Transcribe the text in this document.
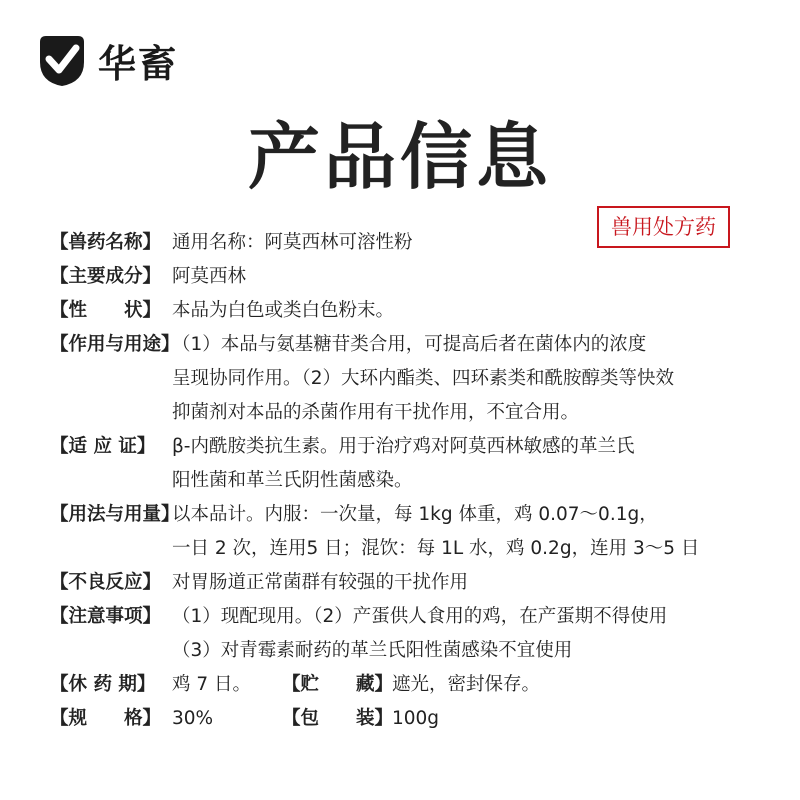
华畜
产品信息
兽用处方药
【兽药名称】 通用名称：阿莫西林可溶性粉
【主要成分】 阿莫西林
【性　　状】 本品为白色或类白色粉末。
【作用与用途】
（1）本品与氨基糖苷类合用，可提高后者在菌体内的浓度
呈现协同作用。（2）大环内酯类、四环素类和酰胺醇类等快效
抑菌剂对本品的杀菌作用有干扰作用，不宜合用。
【适 应 证】 β-内酰胺类抗生素。用于治疗鸡对阿莫西林敏感的革兰氏
阳性菌和革兰氏阴性菌感染。
【用法与用量】
以本品计。内服：一次量，每 1kg 体重，鸡 0.07～0.1g，
一日 2 次，连用5 日；混饮：每 1L 水，鸡 0.2g，连用 3～5 日
【不良反应】 对胃肠道正常菌群有较强的干扰作用
【注意事项】 （1）现配现用。（2）产蛋供人食用的鸡，在产蛋期不得使用
（3）对青霉素耐药的革兰氏阳性菌感染不宜使用
【休 药 期】 鸡 7 日。	【贮　　藏】
遮光，密封保存。
【规　　格】 30%	【包　　装】
100g
